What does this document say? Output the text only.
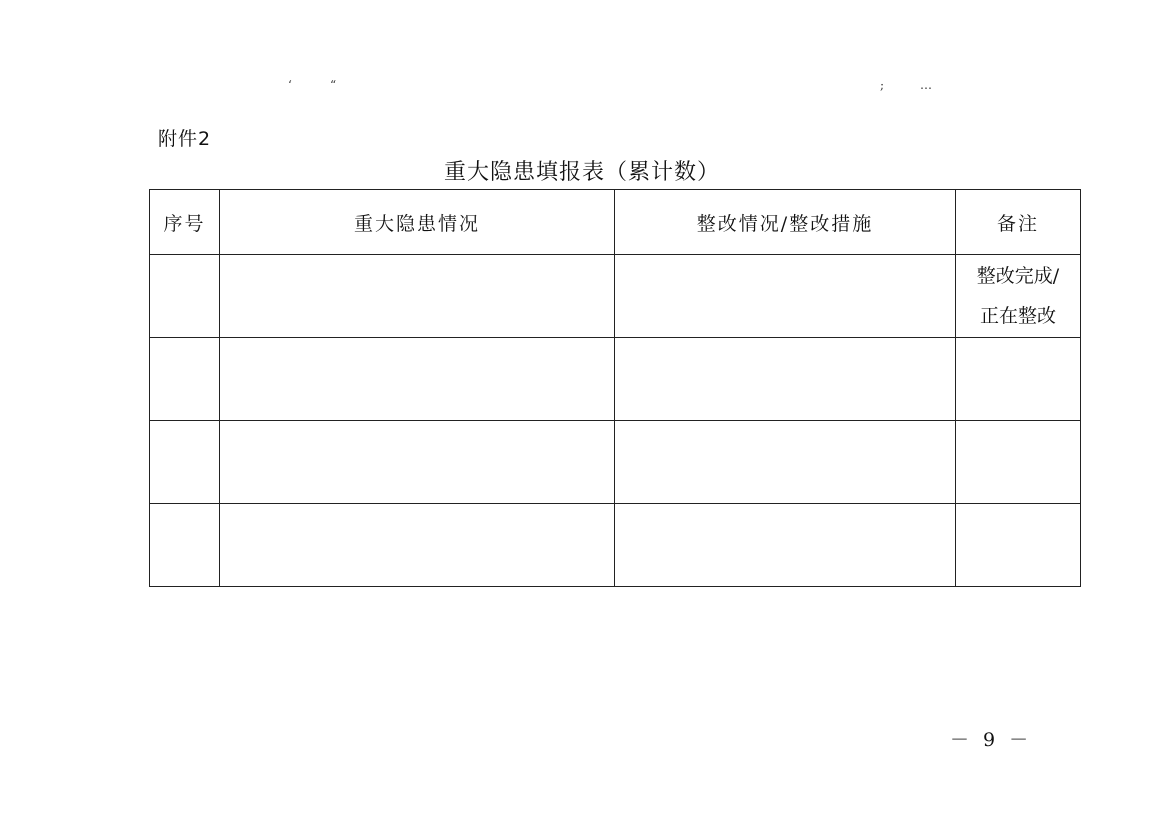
‘	“	;	…
附件2
重大隐患填报表（累计数）
序号	重大隐患情况	整改情况/整改措施	备注

			整改完成/
正在整改

－ 9 －
